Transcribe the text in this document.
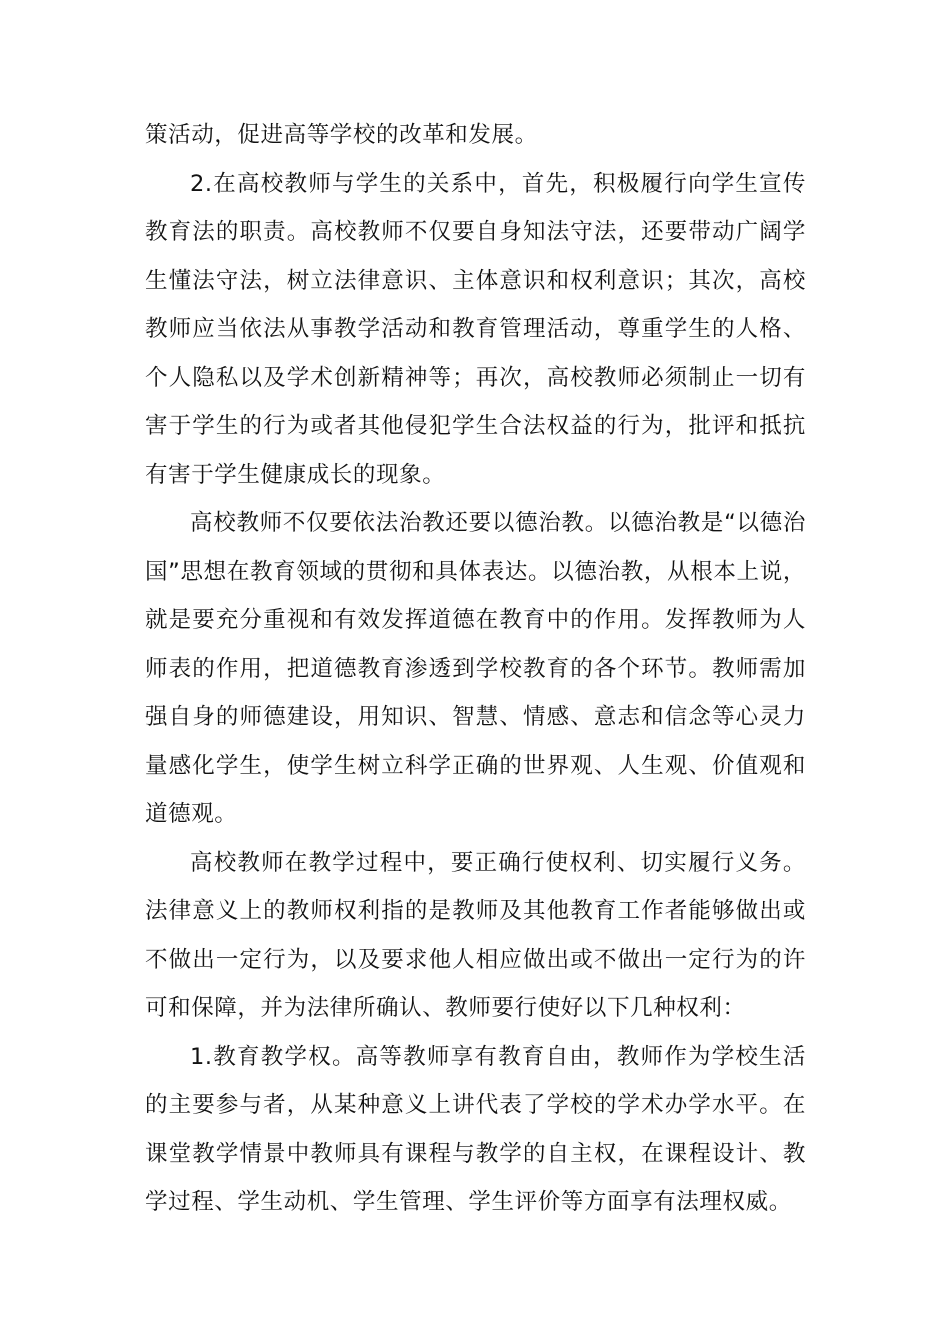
策活动，促进高等学校的改革和发展。

2.在高校教师与学生的关系中，首先，积极履行向学生宣传教育法的职责。高校教师不仅要自身知法守法，还要带动广阔学生懂法守法，树立法律意识、主体意识和权利意识；其次，高校教师应当依法从事教学活动和教育管理活动，尊重学生的人格、个人隐私以及学术创新精神等；再次，高校教师必须制止一切有害于学生的行为或者其他侵犯学生合法权益的行为，批评和抵抗有害于学生健康成长的现象。

高校教师不仅要依法治教还要以德治教。以德治教是“以德治国”思想在教育领域的贯彻和具体表达。以德治教，从根本上说，就是要充分重视和有效发挥道德在教育中的作用。发挥教师为人师表的作用，把道德教育渗透到学校教育的各个环节。教师需加强自身的师德建设，用知识、智慧、情感、意志和信念等心灵力量感化学生，使学生树立科学正确的世界观、人生观、价值观和道德观。

高校教师在教学过程中，要正确行使权利、切实履行义务。法律意义上的教师权利指的是教师及其他教育工作者能够做出或不做出一定行为，以及要求他人相应做出或不做出一定行为的许可和保障，并为法律所确认、教师要行使好以下几种权利：

1.教育教学权。高等教师享有教育自由，教师作为学校生活的主要参与者，从某种意义上讲代表了学校的学术办学水平。在课堂教学情景中教师具有课程与教学的自主权，在课程设计、教学过程、学生动机、学生管理、学生评价等方面享有法理权威。
